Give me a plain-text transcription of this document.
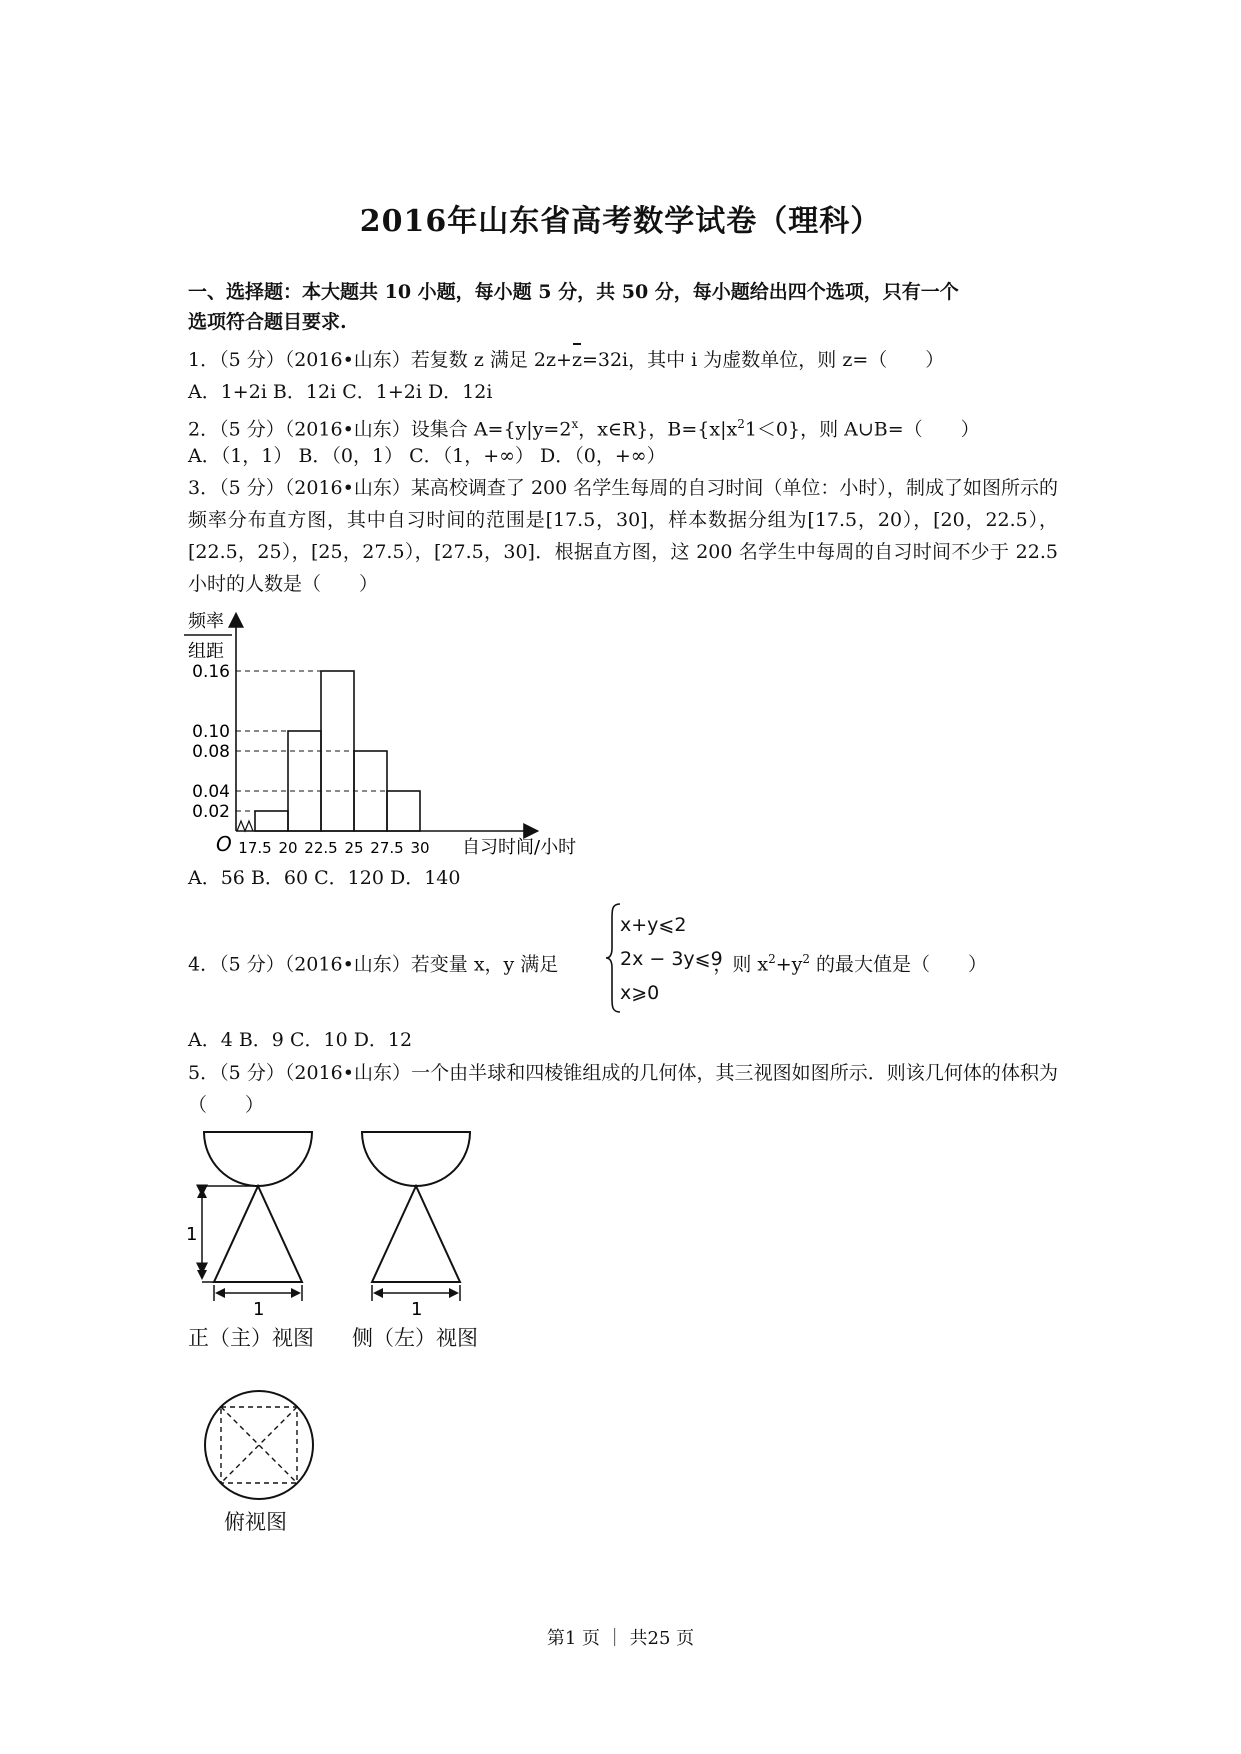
2016年山东省高考数学试卷（理科）
一、选择题：本大题共 10 小题，每小题 5 分，共 50 分，每小题给出四个选项，只有一个
选项符合题目要求.
1．（5 分）（2016•山东）若复数 z 满足 2z+z=3⁣2i，其中 i 为虚数单位，则 z=（　　）
A．1+2i B．1⁣2i C．⁣1+2i D．⁣1⁣2i
2．（5 分）（2016•山东）设集合 $A=\{y|y=2^x$，x∈R}，$B=\{x|x^2⁣1<0\}$，则 A∪B=（　　）
A．（⁣1，1） B．（0，1） C．（⁣1，+∞） D．（0，+∞）
3．（5 分）（2016•山东）某高校调查了 200 名学生每周的自习时间（单位：小时），制成了如图所示的频率分布直方图，其中自习时间的范围是[17.5，30]，样本数据分组为[17.5，20），[20，22.5），[22.5，25），[25，27.5），[27.5，30]．根据直方图，这 200 名学生中每周的自习时间不少于 22.5 小时的人数是（　　）
频率
组距
O	自习时间/小时
0.16
0.10
0.08
0.04
0.02
17.5 20 22.5 25 27.5 30
A．56 B．60 C．120 D．140
4．（5 分）（2016•山东）若变量 x，y 满足	，则 $x^2+y^2$ 的最大值是（　　）
x+y⩽2
2x − 3y⩽9
x⩾0
A．4 B．9 C．10 D．12
5．（5 分）（2016•山东）一个由半球和四棱锥组成的几何体，其三视图如图所示．则该几何体的体积为（　　）
1
1
正（主）视图
1
侧（左）视图
俯视图
第1 页 ｜ 共25 页
